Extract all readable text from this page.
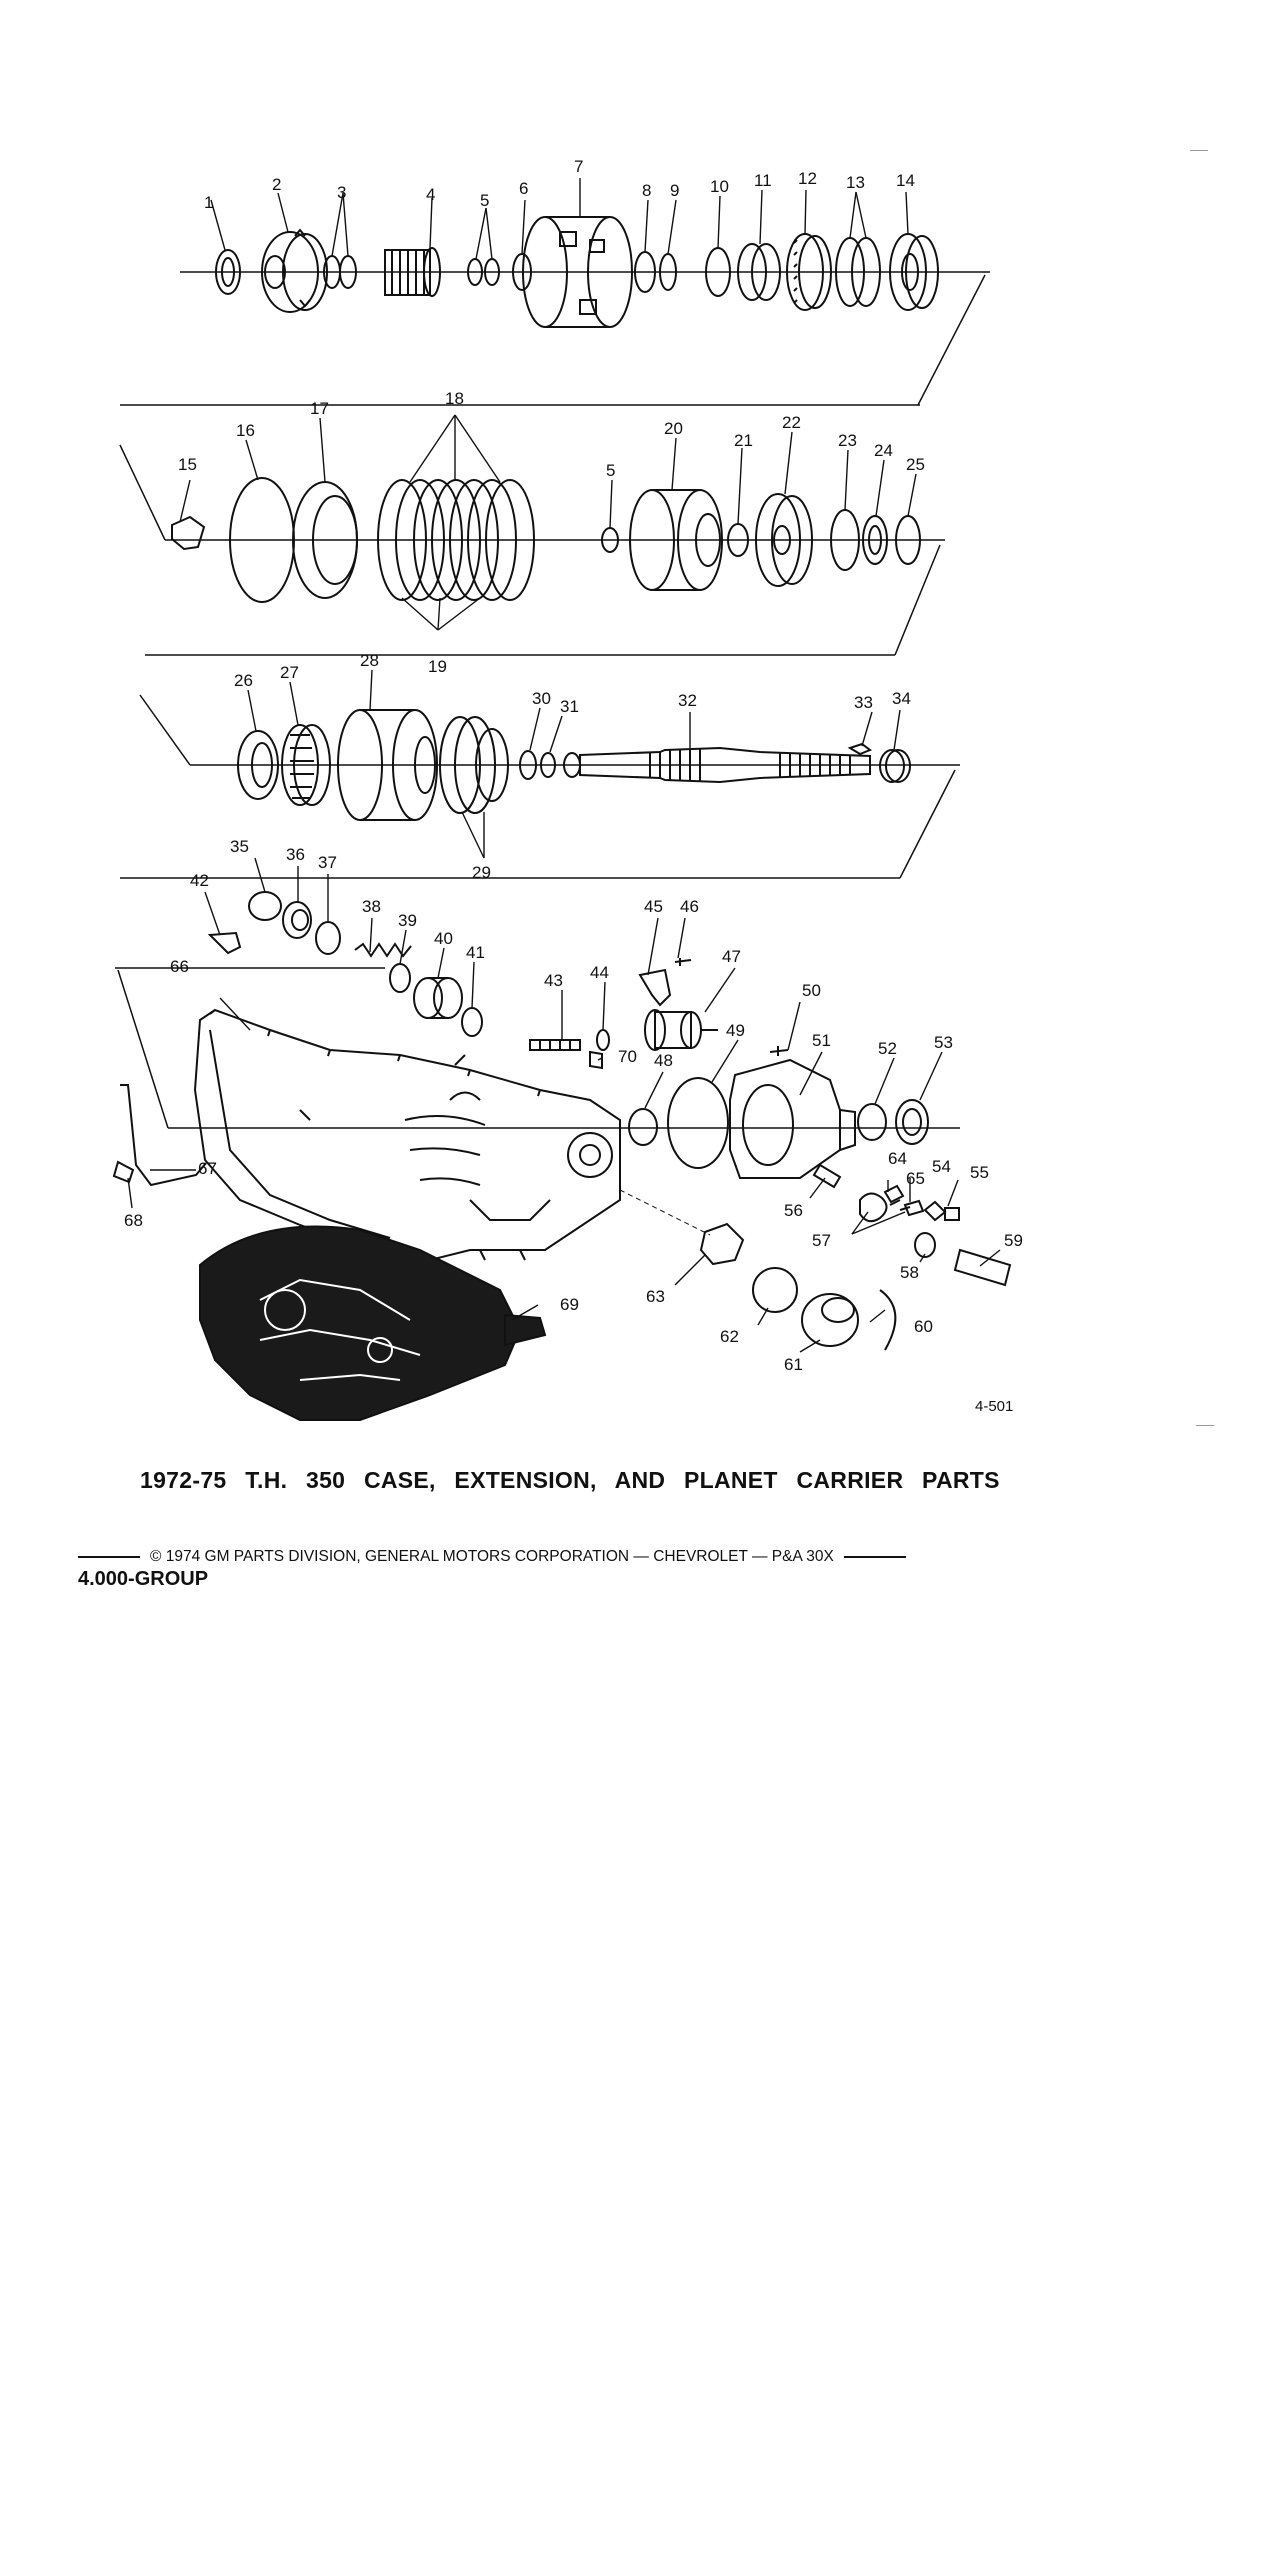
1
2	3	4	5
6
7
8 9 10 11 12 13 14
15
16
17
18
19
5
20
21
22
23
24
25
26 27
28
29
30 31	32	33 34
35 36 37
38
39
40
41
42
43 44
45 46
47
48
49
50
51	52 53
54 55
56
57
58
59
60
61
62
63
64
65
66
67
68
69
70
4-501
1972-75 T.H. 350 CASE, EXTENSION, AND PLANET CARRIER PARTS
© 1974 GM PARTS DIVISION, GENERAL MOTORS CORPORATION — CHEVROLET — P&A 30X
4.000-GROUP
